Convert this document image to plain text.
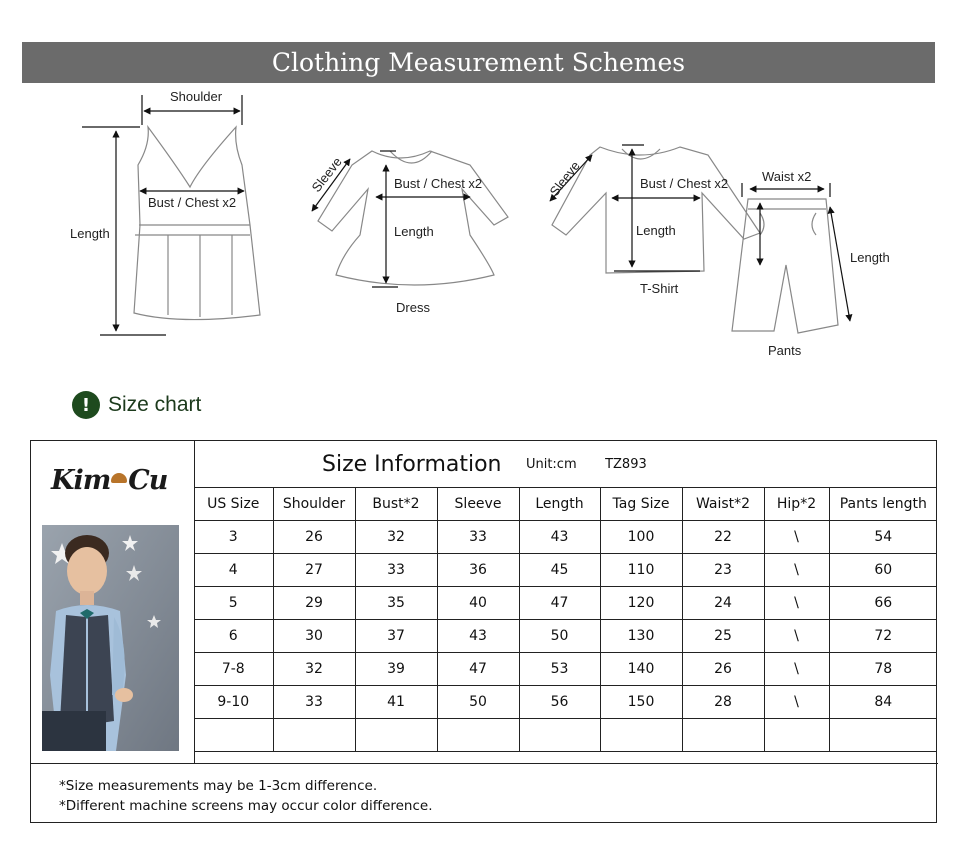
Clothing Measurement Schemes
Shoulder
Bust / Chest x2
Length
Sleeve	Bust / Chest x2
Length
Dress
Sleeve	Bust / Chest x2
Length
T-Shirt
Waist x2
Length
Pants
! Size chart
Kim Cu
Size Information Unit:cm TZ893								
US Size	Shoulder	Bust*2	Sleeve	Length	Tag Size	Waist*2	Hip*2	Pants length
3	26	32	33	43	100	22	\	54
4	27	33	36	45	110	23	\	60
5	29	35	40	47	120	24	\	66
6	30	37	43	50	130	25	\	72
7-8	32	39	47	53	140	26	\	78
9-10	33	41	50	56	150	28	\	84

*Size measurements may be 1-3cm difference.
*Different machine screens may occur color difference.
